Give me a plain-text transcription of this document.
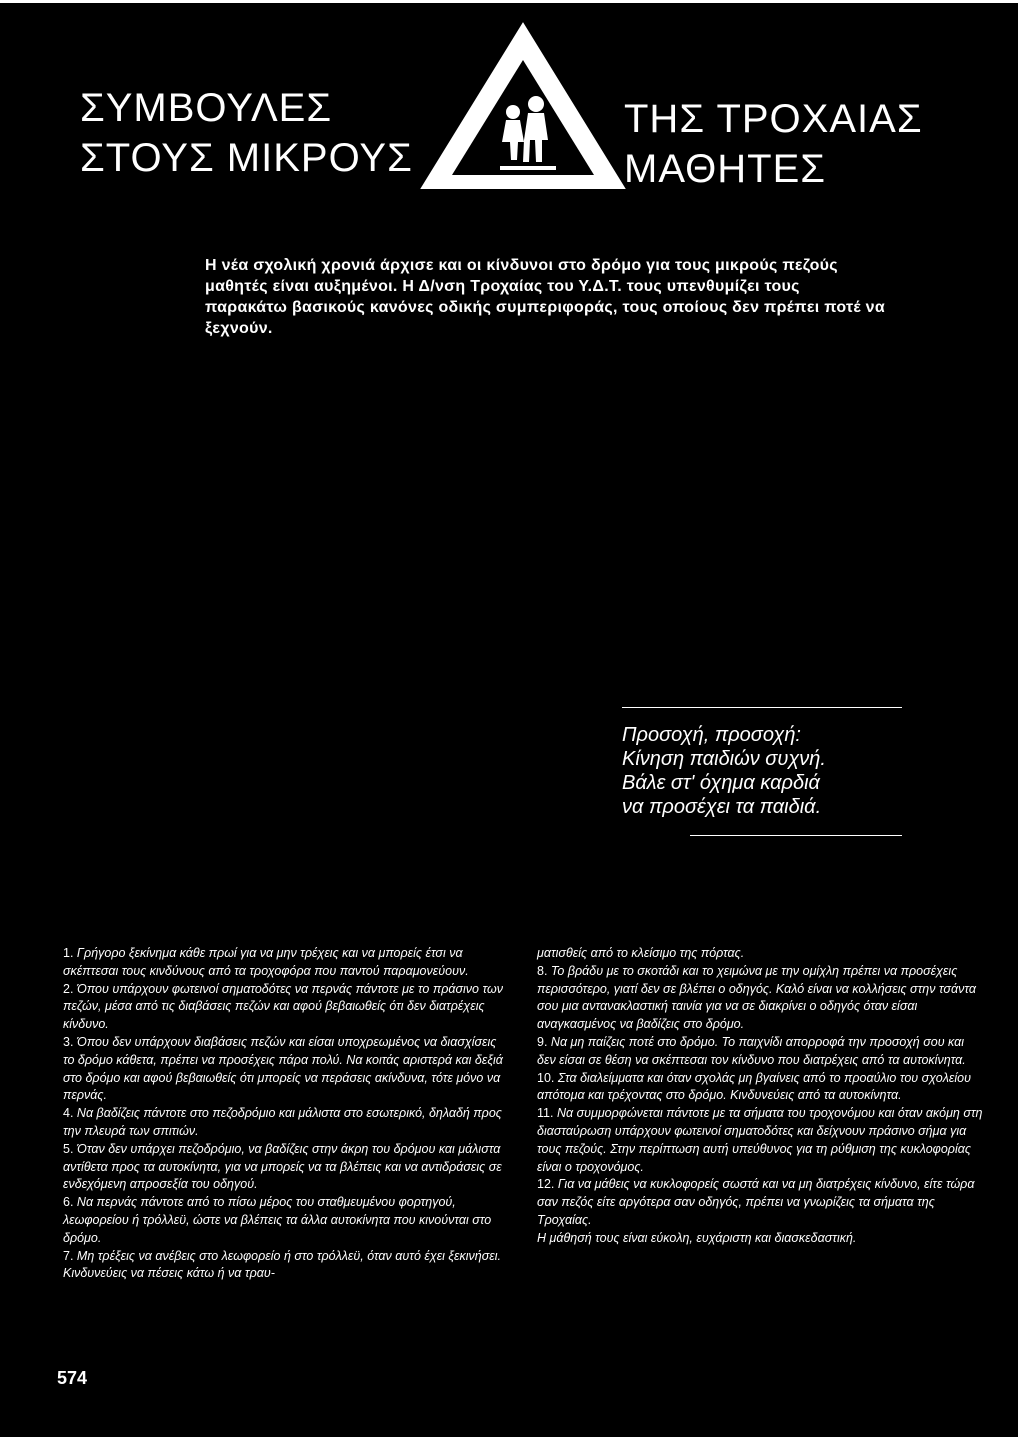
ΣΥΜΒΟΥΛΕΣ
ΣΤΟΥΣ ΜΙΚΡΟΥΣ
ΤΗΣ ΤΡΟΧΑΙΑΣ
ΜΑΘΗΤΕΣ
Η νέα σχολική χρονιά άρχισε και οι κίνδυνοι στο δρόμο για τους μικρούς πεζούς μαθητές είναι αυξημένοι. Η Δ/νση Τροχαίας του Υ.Δ.Τ. τους υπενθυμίζει τους παρακάτω βασικούς κανόνες οδικής συμπεριφοράς, τους οποίους δεν πρέπει ποτέ να ξεχνούν.
Προσοχή, προσοχή:
Κίνηση παιδιών συχνή.
Βάλε στ' όχημα καρδιά
να προσέχει τα παιδιά.

1. Γρήγορο ξεκίνημα κάθε πρωί για να μην τρέχεις και να μπορείς έτσι να σκέπτεσαι τους κινδύνους από τα τροχοφόρα που παντού παραμονεύουν.

2. Όπου υπάρχουν φωτεινοί σηματοδότες να περνάς πάντοτε με το πράσινο των πεζών, μέσα από τις διαβάσεις πεζών και αφού βεβαιωθείς ότι δεν διατρέχεις κίνδυνο.

3. Όπου δεν υπάρχουν διαβάσεις πεζών και είσαι υποχρεωμένος να διασχίσεις το δρόμο κάθετα, πρέπει να προσέχεις πάρα πολύ. Να κοιτάς αριστερά και δεξιά στο δρόμο και αφού βεβαιωθείς ότι μπορείς να περάσεις ακίνδυνα, τότε μόνο να περνάς.

4. Να βαδίζεις πάντοτε στο πεζοδρόμιο και μάλιστα στο εσωτερικό, δηλαδή προς την πλευρά των σπιτιών.

5. Όταν δεν υπάρχει πεζοδρόμιο, να βαδίζεις στην άκρη του δρόμου και μάλιστα αντίθετα προς τα αυτοκίνητα, για να μπορείς να τα βλέπεις και να αντιδράσεις σε ενδεχόμενη απροσεξία του οδηγού.

6. Να περνάς πάντοτε από το πίσω μέρος του σταθμευμένου φορτηγού, λεωφορείου ή τρόλλεϋ, ώστε να βλέπεις τα άλλα αυτοκίνητα που κινούνται στο δρόμο.

7. Μη τρέξεις να ανέβεις στο λεωφορείο ή στο τρόλλεϋ, όταν αυτό έχει ξεκινήσει. Κινδυνεύεις να πέσεις κάτω ή να τραυ-

ματισθείς από το κλείσιμο της πόρτας.

8. Το βράδυ με το σκοτάδι και το χειμώνα με την ομίχλη πρέπει να προσέχεις περισσότερο, γιατί δεν σε βλέπει ο οδηγός. Καλό είναι να κολλήσεις στην τσάντα σου μια αντανακλαστική ταινία για να σε διακρίνει ο οδηγός όταν είσαι αναγκασμένος να βαδίζεις στο δρόμο.

9. Να μη παίζεις ποτέ στο δρόμο. Το παιχνίδι απορροφά την προσοχή σου και δεν είσαι σε θέση να σκέπτεσαι τον κίνδυνο που διατρέχεις από τα αυτοκίνητα.

10. Στα διαλείμματα και όταν σχολάς μη βγαίνεις από το προαύλιο του σχολείου απότομα και τρέχοντας στο δρόμο. Κινδυνεύεις από τα αυτοκίνητα.

11. Να συμμορφώνεται πάντοτε με τα σήματα του τροχονόμου και όταν ακόμη στη διασταύρωση υπάρχουν φωτεινοί σηματοδότες και δείχνουν πράσινο σήμα για τους πεζούς. Στην περίπτωση αυτή υπεύθυνος για τη ρύθμιση της κυκλοφορίας είναι ο τροχονόμος.

12. Για να μάθεις να κυκλοφορείς σωστά και να μη διατρέχεις κίνδυνο, είτε τώρα σαν πεζός είτε αργότερα σαν οδηγός, πρέπει να γνωρίζεις τα σήματα της Τροχαίας.

Η μάθησή τους είναι εύκολη, ευχάριστη και διασκεδαστική.

574
